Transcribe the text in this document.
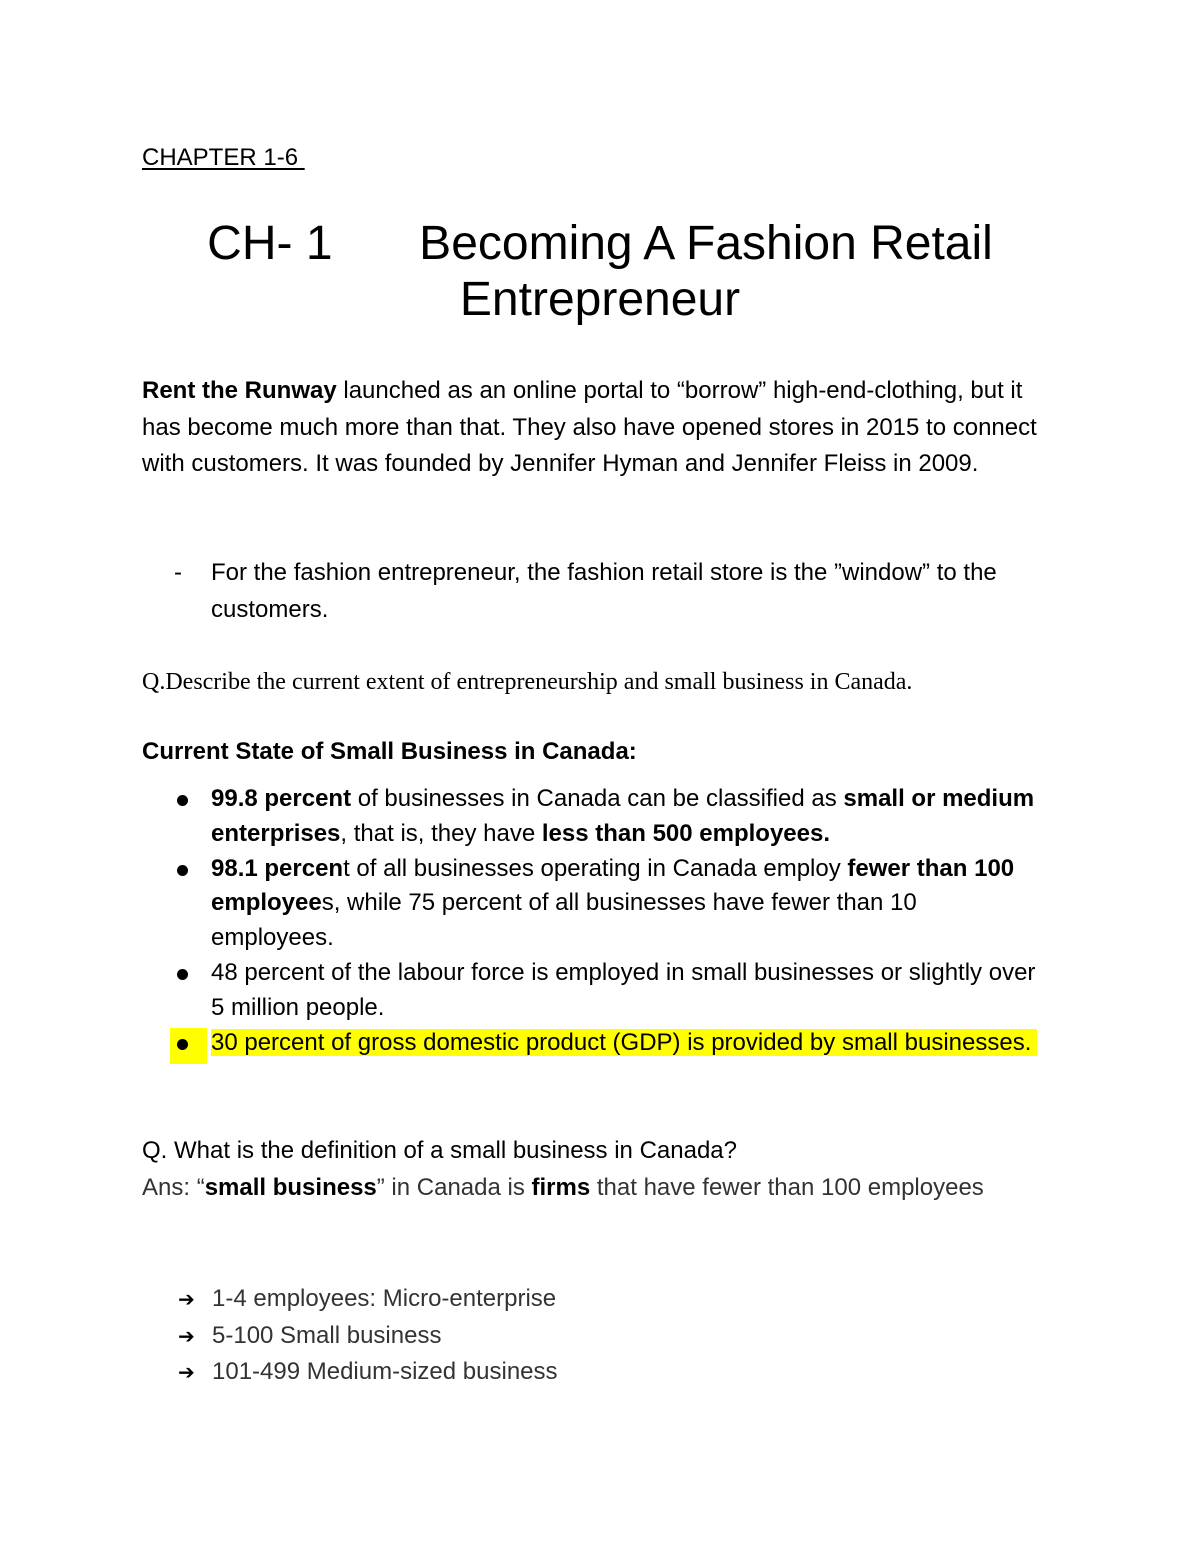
CHAPTER 1-6
CH- 1 Becoming A Fashion Retail
Entrepreneur
Rent the Runway launched as an online portal to “borrow” high-end-clothing, but it has become much more than that. They also have opened stores in 2015 to connect with customers. It was founded by Jennifer Hyman and Jennifer Fleiss in 2009.
- For the fashion entrepreneur, the fashion retail store is the ”window” to the customers.
Q.Describe the current extent of entrepreneurship and small business in Canada.
Current State of Small Business in Canada:
99.8 percent of businesses in Canada can be classified as small or medium enterprises, that is, they have less than 500 employees.
98.1 percent of all businesses operating in Canada employ fewer than 100 employees, while 75 percent of all businesses have fewer than 10 employees.
48 percent of the labour force is employed in small businesses or slightly over 5 million people.
30 percent of gross domestic product (GDP) is provided by small businesses.
Q. What is the definition of a small business in Canada?
Ans: “small business” in Canada is firms that have fewer than 100 employees
➔ 1-4 employees: Micro-enterprise
➔ 5-100 Small business
➔ 101-499 Medium-sized business
